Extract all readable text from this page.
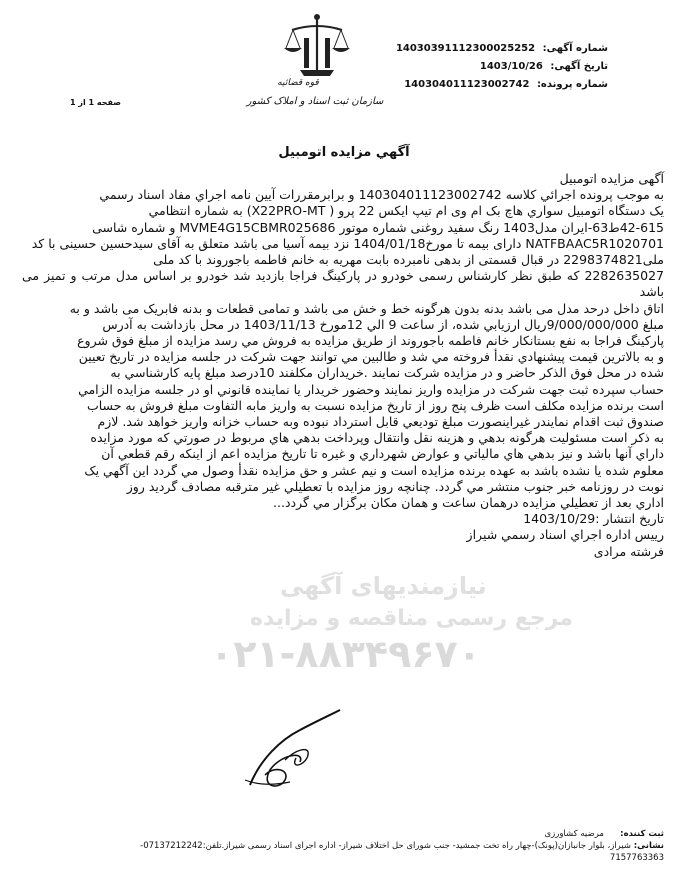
شماره آگهی: 14030391112300025252
تاریخ آگهی: 1403/10/26
شماره پرونده: 140304011123002742
قوه قضائیه
سازمان ثبت اسناد و املاک کشور
صفحه 1 از 1
آگهي مزايده اتومبيل

آگهی مزایده اتومبیل

به موجب پرونده اجرائي كلاسه 140304011123002742 و برابرمقررات آيين نامه اجراي مفاد اسناد رسمي

يک دستگاه اتومبيل سواري هاچ بک ام وی ام تيپ ايکس 22 پرو ( X22PRO-MT) به شماره انتظامي

42-615ط63-ايران مدل1403 رنگ سفيد روغنی شماره موتور MVME4G15CBMR025686 و شماره شاسی

NATFBAAC5R1020701 دارای بیمه تا مورخ1404/01/18 نزد بیمه آسیا می باشد متعلق به آقای سیدحسین حسینی با کد

ملی2298374821 در قبال قسمتی از بدهی نامبرده بابت مهریه به خانم فاطمه باجوروند با کد ملی

2282635027 که طبق نظر کارشناس رسمی خودرو در پارکینگ فراجا بازدید شد خودرو بر اساس مدل مرتب و تمیز می باشد

اتاق داخل درحد مدل می باشد بدنه بدون هرگونه خط و خش می باشد و تمامی قطعات و بدنه فابریک می باشد و به

مبلغ 9/000/000/000ريال ارزيابي شده، از ساعت 9 الي 12مورخ 1403/11/13 در محل بازداشت به آدرس

پارکینگ فراجا به نفع بستانکار خانم فاطمه باجوروند از طريق مزايده به فروش مي رسد مزايده از مبلغ فوق شروع

و به بالاترين قيمت پيشنهادي نقدأ فروخته مي شد و طالبين مي توانند جهت شرکت در جلسه مزايده در تاريخ تعيين

شده در محل فوق الذکر حاضر و در مزايده شرکت نمايند .خريداران مکلفند 10درصد مبلغ پايه کارشناسي به

حساب سپرده ثبت جهت شرکت در مزايده واريز نمايند وحضور خريدار يا نماينده قانوني او در جلسه مزايده الزامي

است برنده مزايده مکلف است ظرف پنج روز از تاريخ مزايده نسبت به واريز مابه التفاوت مبلغ فروش به حساب

صندوق ثبت اقدام نمايندر غيراينصورت مبلغ توديعي قابل استرداد نبوده وبه حساب خزانه واريز خواهد شد. لازم

به ذکر است مسئوليت هرگونه بدهي و هزينه نقل وانتقال وپرداخت بدهي هاي مربوط در صورتي که مورد مزايده

داراي آنها باشد و نيز بدهي هاي مالياتي و عوارض شهرداري و غيره تا تاريخ مزايده اعم از اينکه رقم قطعي آن

معلوم شده يا نشده باشد به عهده برنده مزايده است و نيم عشر و حق مزايده نقدأ وصول مي گردد اين آگهي يک

نوبت در روزنامه خبر جنوب منتشر مي گردد. چنانچه روز مزايده با تعطيلي غير مترقبه مصادف گرديد روز

اداري بعد از تعطيلي مزايده درهمان ساعت و همان مكان برگزار مي گردد...

تاریخ انتشار :1403/10/29

رييس اداره اجراي اسناد رسمي شيراز

فرشته مرادی

نیازمندیهای آگهی
مرجع رسمی مناقصه و مزایده
۰۲۱-۸۸۳۴۹۶۷۰
ثبت کننده:      مرضیه کشاورزی
نشانی: شیراز، بلوار جانبازان(پونک)-چهار راه تخت جمشید- جنب شورای حل اختلاف شیراز- اداره اجرای اسناد رسمی شیراز.تلفن:07137212242-
7157763363
